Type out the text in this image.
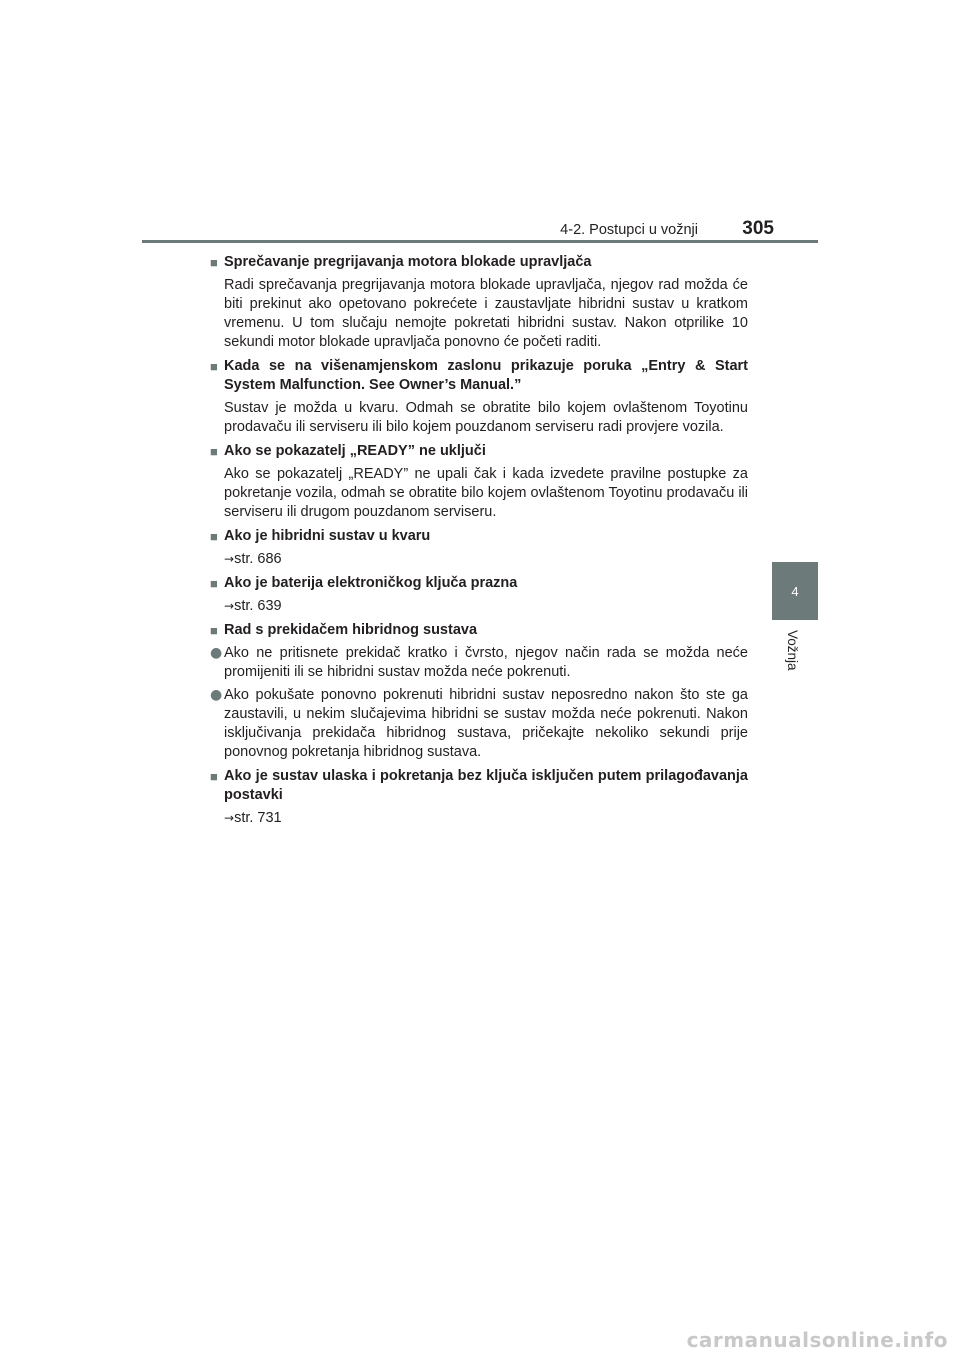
4-2. Postupci u vožnji 305
4
Vožnja
■ Sprečavanje pregrijavanja motora blokade upravljača
Radi sprečavanja pregrijavanja motora blokade upravljača, njegov rad možda će biti prekinut ako opetovano pokrećete i zaustavljate hibridni sustav u kratkom vremenu. U tom slučaju nemojte pokretati hibridni sustav. Nakon otprilike 10 sekundi motor blokade upravljača ponovno će početi raditi.
■ Kada se na višenamjenskom zaslonu prikazuje poruka „Entry & Start System Malfunction. See Owner’s Manual.”
Sustav je možda u kvaru. Odmah se obratite bilo kojem ovlaštenom Toyotinu prodavaču ili serviseru ili bilo kojem pouzdanom serviseru radi provjere vozila.
■ Ako se pokazatelj „READY” ne uključi
Ako se pokazatelj „READY” ne upali čak i kada izvedete pravilne postupke za pokretanje vozila, odmah se obratite bilo kojem ovlaštenom Toyotinu prodavaču ili serviseru ili drugom pouzdanom serviseru.
■ Ako je hibridni sustav u kvaru
→str. 686
■ Ako je baterija elektroničkog ključa prazna
→str. 639
■ Rad s prekidačem hibridnog sustava
● Ako ne pritisnete prekidač kratko i čvrsto, njegov način rada se možda neće promijeniti ili se hibridni sustav možda neće pokrenuti.
● Ako pokušate ponovno pokrenuti hibridni sustav neposredno nakon što ste ga zaustavili, u nekim slučajevima hibridni se sustav možda neće pokrenuti. Nakon isključivanja prekidača hibridnog sustava, pričekajte nekoliko sekundi prije ponovnog pokretanja hibridnog sustava.
■ Ako je sustav ulaska i pokretanja bez ključa isključen putem prilagođavanja postavki
→str. 731
carmanualsonline.info
